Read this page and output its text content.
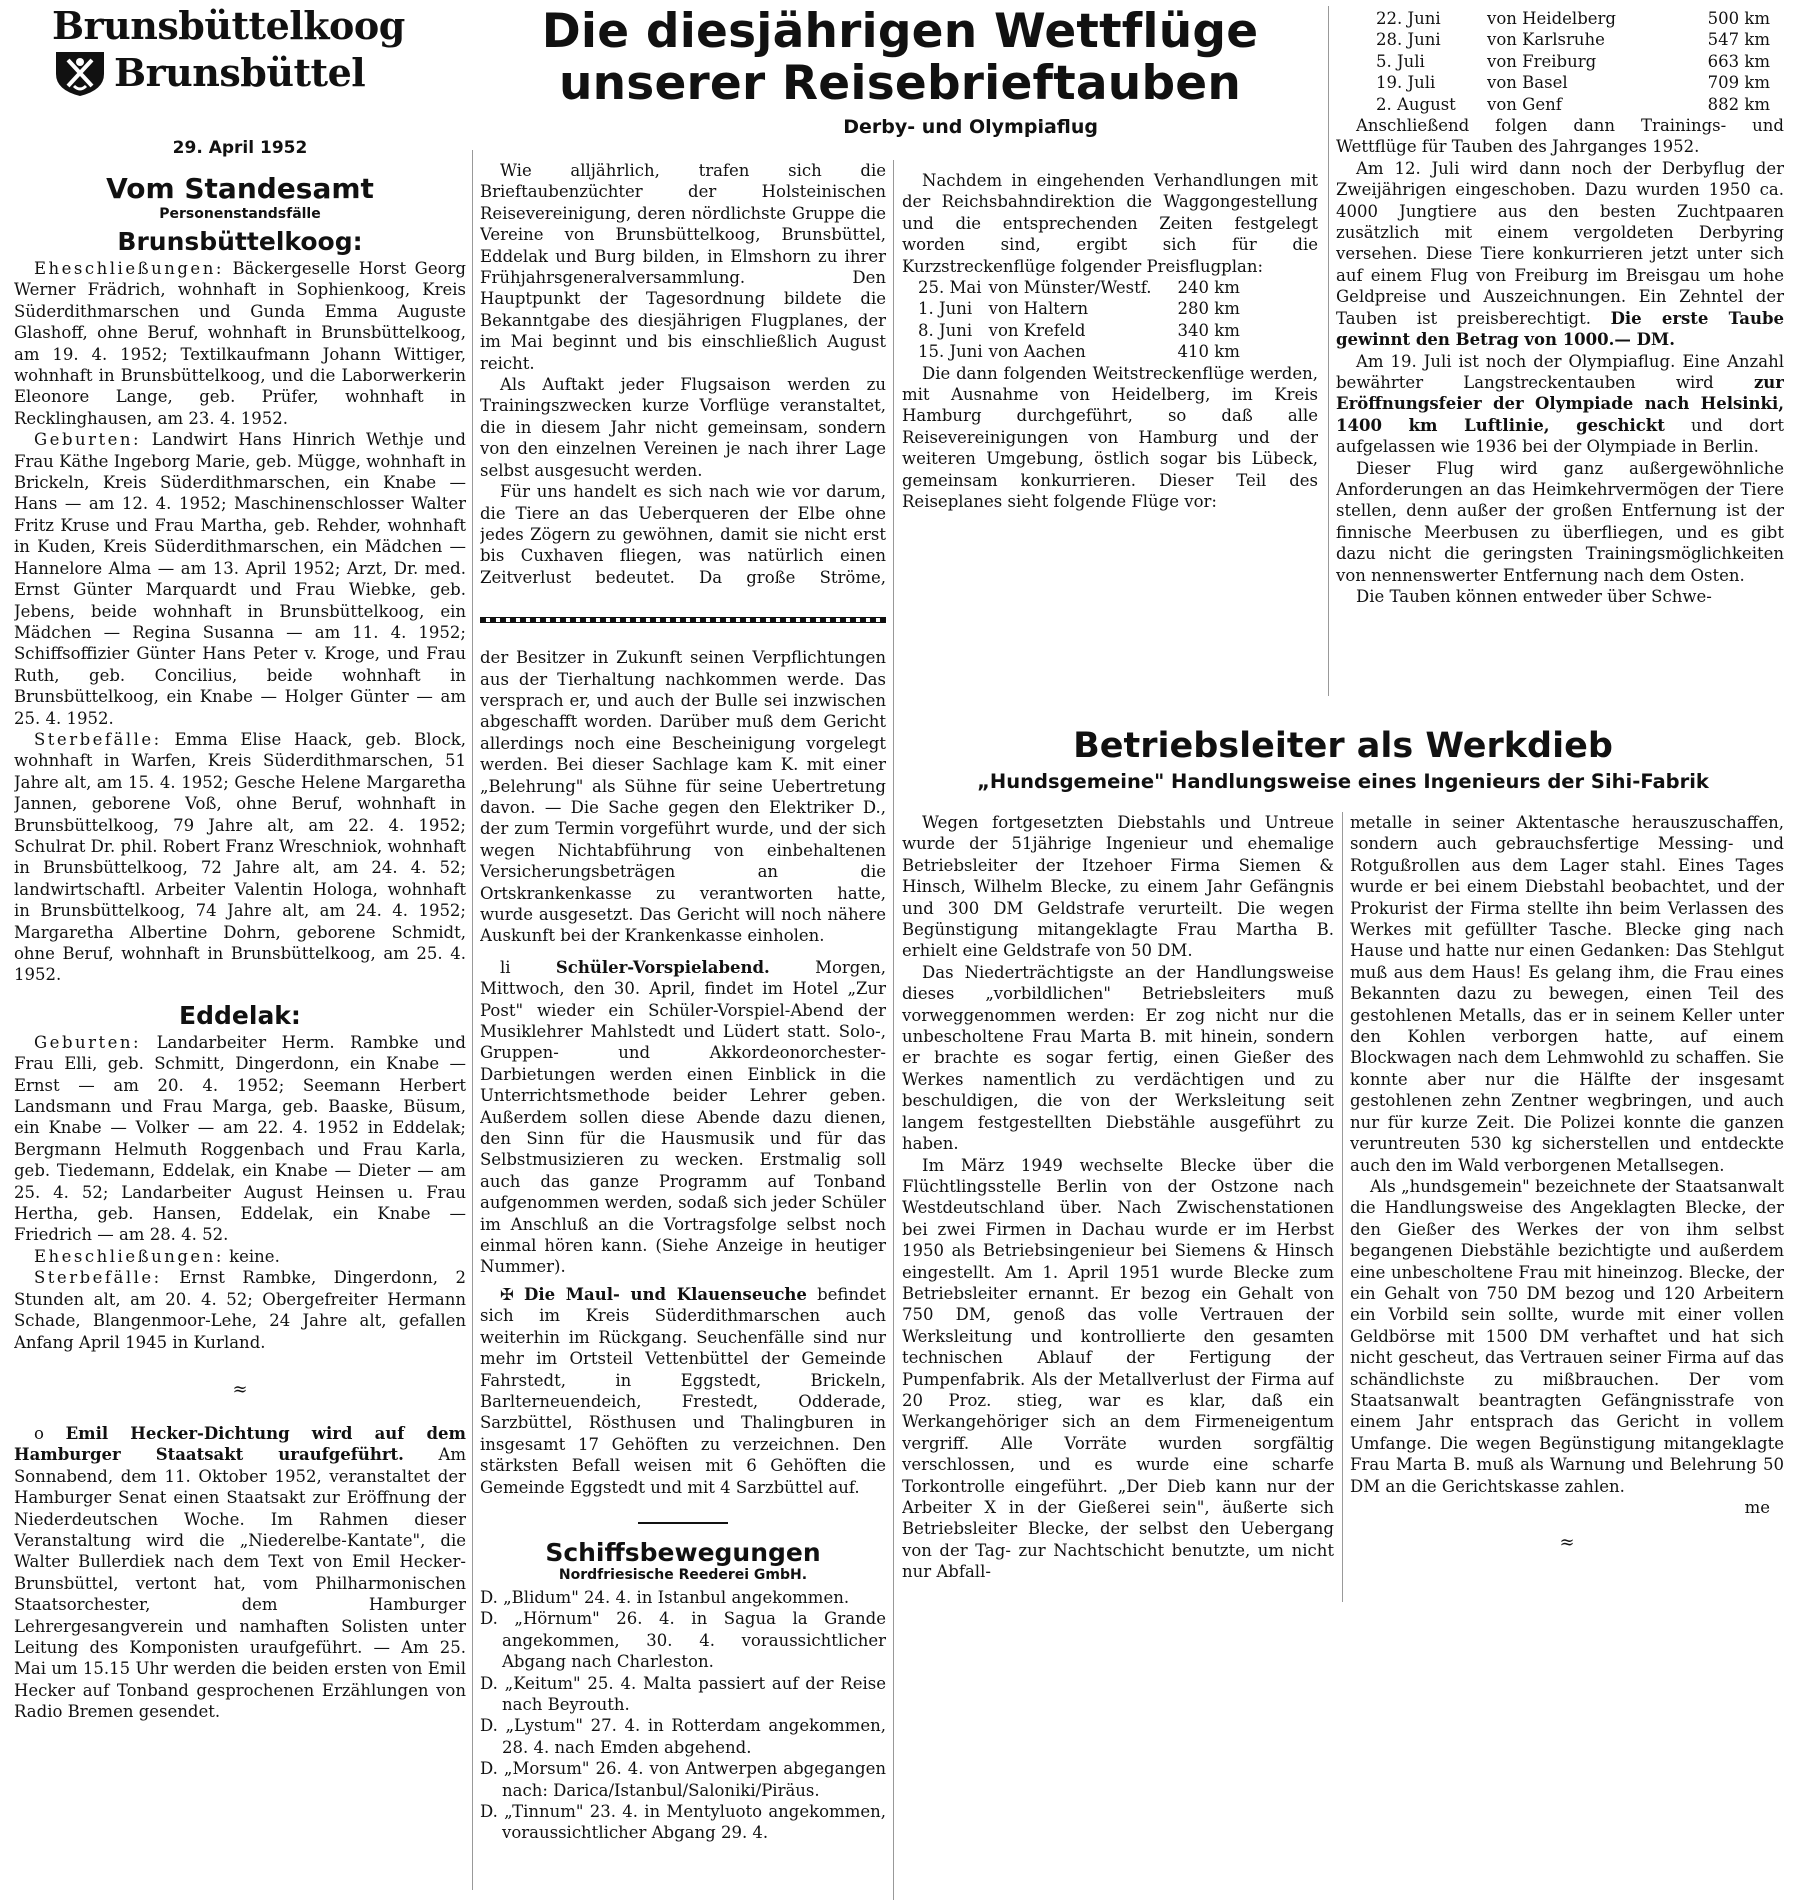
Brunsbüttelkoog
Brunsbüttel
29. April 1952
Vom Standesamt
Personenstandsfälle
Brunsbüttelkoog:

Eheschließungen: Bäckergeselle Horst Georg Werner Frädrich, wohnhaft in Sophienkoog, Kreis Süderdithmarschen und Gunda Emma Auguste Glashoff, ohne Beruf, wohnhaft in Brunsbüttelkoog, am 19. 4. 1952; Textilkaufmann Johann Wittiger, wohnhaft in Brunsbüttelkoog, und die Laborwerkerin Eleonore Lange, geb. Prüfer, wohnhaft in Recklinghausen, am 23. 4. 1952.

Geburten: Landwirt Hans Hinrich Wethje und Frau Käthe Ingeborg Marie, geb. Mügge, wohnhaft in Brickeln, Kreis Süderdithmarschen, ein Knabe — Hans — am 12. 4. 1952; Maschinenschlosser Walter Fritz Kruse und Frau Martha, geb. Rehder, wohnhaft in Kuden, Kreis Süderdithmarschen, ein Mädchen — Hannelore Alma — am 13. April 1952; Arzt, Dr. med. Ernst Günter Marquardt und Frau Wiebke, geb. Jebens, beide wohnhaft in Brunsbüttelkoog, ein Mädchen — Regina Susanna — am 11. 4. 1952; Schiffsoffizier Günter Hans Peter v. Kroge, und Frau Ruth, geb. Concilius, beide wohnhaft in Brunsbüttelkoog, ein Knabe — Holger Günter — am 25. 4. 1952.

Sterbefälle: Emma Elise Haack, geb. Block, wohnhaft in Warfen, Kreis Süderdithmarschen, 51 Jahre alt, am 15. 4. 1952; Gesche Helene Margaretha Jannen, geborene Voß, ohne Beruf, wohnhaft in Brunsbüttelkoog, 79 Jahre alt, am 22. 4. 1952; Schulrat Dr. phil. Robert Franz Wreschniok, wohnhaft in Brunsbüttelkoog, 72 Jahre alt, am 24. 4. 52; landwirtschaftl. Arbeiter Valentin Hologa, wohnhaft in Brunsbüttelkoog, 74 Jahre alt, am 24. 4. 1952; Margaretha Albertine Dohrn, geborene Schmidt, ohne Beruf, wohnhaft in Brunsbüttelkoog, am 25. 4. 1952.

Eddelak:

Geburten: Landarbeiter Herm. Rambke und Frau Elli, geb. Schmitt, Dingerdonn, ein Knabe — Ernst — am 20. 4. 1952; Seemann Herbert Landsmann und Frau Marga, geb. Baaske, Büsum, ein Knabe — Volker — am 22. 4. 1952 in Eddelak; Bergmann Helmuth Roggenbach und Frau Karla, geb. Tiedemann, Eddelak, ein Knabe — Dieter — am 25. 4. 52; Landarbeiter August Heinsen u. Frau Hertha, geb. Hansen, Eddelak, ein Knabe — Friedrich — am 28. 4. 52.

Eheschließungen: keine.

Sterbefälle: Ernst Rambke, Dingerdonn, 2 Stunden alt, am 20. 4. 52; Obergefreiter Hermann Schade, Blangenmoor-Lehe, 24 Jahre alt, gefallen Anfang April 1945 in Kurland.

≈

o Emil Hecker-Dichtung wird auf dem Hamburger Staatsakt uraufgeführt. Am Sonnabend, dem 11. Oktober 1952, veranstaltet der Hamburger Senat einen Staatsakt zur Eröffnung der Niederdeutschen Woche. Im Rahmen dieser Veranstaltung wird die „Niederelbe-Kantate", die Walter Bullerdiek nach dem Text von Emil Hecker-Brunsbüttel, vertont hat, vom Philharmonischen Staatsorchester, dem Hamburger Lehrergesangverein und namhaften Solisten unter Leitung des Komponisten uraufgeführt. — Am 25. Mai um 15.15 Uhr werden die beiden ersten von Emil Hecker auf Tonband gesprochenen Erzählungen von Radio Bremen gesendet.

Die diesjährigen Wettflüge
unserer Reisebrieftauben
Derby- und Olympiaflug

Wie alljährlich, trafen sich die Brieftaubenzüchter der Holsteinischen Reisevereinigung, deren nördlichste Gruppe die Vereine von Brunsbüttelkoog, Brunsbüttel, Eddelak und Burg bilden, in Elmshorn zu ihrer Frühjahrsgeneralversammlung. Den Hauptpunkt der Tagesordnung bildete die Bekanntgabe des diesjährigen Flugplanes, der im Mai beginnt und bis einschließlich August reicht.

Als Auftakt jeder Flugsaison werden zu Trainingszwecken kurze Vorflüge veranstaltet, die in diesem Jahr nicht gemeinsam, sondern von den einzelnen Vereinen je nach ihrer Lage selbst ausgesucht werden.

Für uns handelt es sich nach wie vor darum, die Tiere an das Ueberqueren der Elbe ohne jedes Zögern zu gewöhnen, damit sie nicht erst bis Cuxhaven fliegen, was natürlich einen Zeitverlust bedeutet. Da große Ströme,

der Besitzer in Zukunft seinen Verpflichtungen aus der Tierhaltung nachkommen werde. Das versprach er, und auch der Bulle sei inzwischen abgeschafft worden. Darüber muß dem Gericht allerdings noch eine Bescheinigung vorgelegt werden. Bei dieser Sachlage kam K. mit einer „Belehrung" als Sühne für seine Uebertretung davon. — Die Sache gegen den Elektriker D., der zum Termin vorgeführt wurde, und der sich wegen Nichtabführung von einbehaltenen Versicherungsbeträgen an die Ortskrankenkasse zu verantworten hatte, wurde ausgesetzt. Das Gericht will noch nähere Auskunft bei der Krankenkasse einholen.

li	Schüler-Vorspielabend. Morgen, Mittwoch, den 30. April, findet im Hotel „Zur Post" wieder ein Schüler-Vorspiel-Abend der Musiklehrer Mahlstedt und Lüdert statt. Solo-, Gruppen- und Akkordeonorchester-Darbietungen werden einen Einblick in die Unterrichtsmethode beider Lehrer geben. Außerdem sollen diese Abende dazu dienen, den Sinn für die Hausmusik und für das Selbstmusizieren zu wecken. Erstmalig soll auch das ganze Programm auf Tonband aufgenommen werden, sodaß sich jeder Schüler im Anschluß an die Vortragsfolge selbst noch einmal hören kann. (Siehe Anzeige in heutiger Nummer).

✠ Die Maul- und Klauenseuche befindet sich im Kreis Süderdithmarschen auch weiterhin im Rückgang. Seuchenfälle sind nur mehr im Ortsteil Vettenbüttel der Gemeinde Fahrstedt, in Eggstedt, Brickeln, Barlterneuendeich, Frestedt, Odderade, Sarzbüttel, Rösthusen und Thalingburen in insgesamt 17 Gehöften zu verzeichnen. Den stärksten Befall weisen mit 6 Gehöften die Gemeinde Eggstedt und mit 4 Sarzbüttel auf.

Schiffsbewegungen
Nordfriesische Reederei GmbH.

D. „Blidum" 24. 4. in Istanbul angekommen.

D. „Hörnum" 26. 4. in Sagua la Grande angekommen, 30. 4. voraussichtlicher Abgang nach Charleston.

D. „Keitum" 25. 4. Malta passiert auf der Reise nach Beyrouth.

D. „Lystum" 27. 4. in Rotterdam angekommen, 28. 4. nach Emden abgehend.

D. „Morsum" 26. 4. von Antwerpen abgegangen nach: Darica/Istanbul/Saloniki/Piräus.

D. „Tinnum" 23. 4. in Mentyluoto angekommen, voraussichtlicher Abgang 29. 4.

Nachdem in eingehenden Verhandlungen mit der Reichsbahndirektion die Waggongestellung und die entsprechenden Zeiten festgelegt worden sind, ergibt sich für die Kurzstreckenflüge folgender Preisflugplan:

25. Mai	von Münster/Westf.	240 km
1. Juni	von Haltern	280 km
8. Juni	von Krefeld	340 km
15. Juni	von Aachen	410 km

Die dann folgenden Weitstreckenflüge werden, mit Ausnahme von Heidelberg, im Kreis Hamburg durchgeführt, so daß alle Reisevereinigungen von Hamburg und der weiteren Umgebung, östlich sogar bis Lübeck, gemeinsam konkurrieren. Dieser Teil des Reiseplanes sieht folgende Flüge vor:

22. Juni	von Heidelberg	500 km
28. Juni	von Karlsruhe	547 km
5. Juli	von Freiburg	663 km
19. Juli	von Basel	709 km
2. August	von Genf	882 km

Anschließend folgen dann Trainings- und Wettflüge für Tauben des Jahrganges 1952.

Am 12. Juli wird dann noch der Derbyflug der Zweijährigen eingeschoben. Dazu wurden 1950 ca. 4000 Jungtiere aus den besten Zuchtpaaren zusätzlich mit einem vergoldeten Derbyring versehen. Diese Tiere konkurrieren jetzt unter sich auf einem Flug von Freiburg im Breisgau um hohe Geldpreise und Auszeichnungen. Ein Zehntel der Tauben ist preisberechtigt. Die erste Taube gewinnt den Betrag von 1000.— DM.

Am 19. Juli ist noch der Olympiaflug. Eine Anzahl bewährter Langstreckentauben wird zur Eröffnungsfeier der Olympiade nach Helsinki, 1400 km Luftlinie, geschickt und dort aufgelassen wie 1936 bei der Olympiade in Berlin.

Dieser Flug wird ganz außergewöhnliche Anforderungen an das Heimkehrvermögen der Tiere stellen, denn außer der großen Entfernung ist der finnische Meerbusen zu überfliegen, und es gibt dazu nicht die geringsten Trainingsmöglichkeiten von nennenswerter Entfernung nach dem Osten.

Die Tauben können entweder über Schwe-

Betriebsleiter als Werkdieb
„Hundsgemeine" Handlungsweise eines Ingenieurs der Sihi-Fabrik

Wegen fortgesetzten Diebstahls und Untreue wurde der 51jährige Ingenieur und ehemalige Betriebsleiter der Itzehoer Firma Siemen & Hinsch, Wilhelm Blecke, zu einem Jahr Gefängnis und 300 DM Geldstrafe verurteilt. Die wegen Begünstigung mitangeklagte Frau Martha B. erhielt eine Geldstrafe von 50 DM.

Das Niederträchtigste an der Handlungsweise dieses „vorbildlichen" Betriebsleiters muß vorweggenommen werden: Er zog nicht nur die unbescholtene Frau Marta B. mit hinein, sondern er brachte es sogar fertig, einen Gießer des Werkes namentlich zu verdächtigen und zu beschuldigen, die von der Werksleitung seit langem festgestellten Diebstähle ausgeführt zu haben.

Im März 1949 wechselte Blecke über die Flüchtlingsstelle Berlin von der Ostzone nach Westdeutschland über. Nach Zwischenstationen bei zwei Firmen in Dachau wurde er im Herbst 1950 als Betriebsingenieur bei Siemens & Hinsch eingestellt. Am 1. April 1951 wurde Blecke zum Betriebsleiter ernannt. Er bezog ein Gehalt von 750 DM, genoß das volle Vertrauen der Werksleitung und kontrollierte den gesamten technischen Ablauf der Fertigung der Pumpenfabrik. Als der Metallverlust der Firma auf 20 Proz. stieg, war es klar, daß ein Werkangehöriger sich an dem Firmeneigentum vergriff. Alle Vorräte wurden sorgfältig verschlossen, und es wurde eine scharfe Torkontrolle eingeführt. „Der Dieb kann nur der Arbeiter X in der Gießerei sein", äußerte sich Betriebsleiter Blecke, der selbst den Uebergang von der Tag- zur Nachtschicht benutzte, um nicht nur Abfall-

metalle in seiner Aktentasche herauszuschaffen, sondern auch gebrauchsfertige Messing- und Rotgußrollen aus dem Lager stahl. Eines Tages wurde er bei einem Diebstahl beobachtet, und der Prokurist der Firma stellte ihn beim Verlassen des Werkes mit gefüllter Tasche. Blecke ging nach Hause und hatte nur einen Gedanken: Das Stehlgut muß aus dem Haus! Es gelang ihm, die Frau eines Bekannten dazu zu bewegen, einen Teil des gestohlenen Metalls, das er in seinem Keller unter den Kohlen verborgen hatte, auf einem Blockwagen nach dem Lehmwohld zu schaffen. Sie konnte aber nur die Hälfte der insgesamt gestohlenen zehn Zentner wegbringen, und auch nur für kurze Zeit. Die Polizei konnte die ganzen veruntreuten 530 kg sicherstellen und entdeckte auch den im Wald verborgenen Metallsegen.

Als „hundsgemein" bezeichnete der Staatsanwalt die Handlungsweise des Angeklagten Blecke, der den Gießer des Werkes der von ihm selbst begangenen Diebstähle bezichtigte und außerdem eine unbescholtene Frau mit hineinzog. Blecke, der ein Gehalt von 750 DM bezog und 120 Arbeitern ein Vorbild sein sollte, wurde mit einer vollen Geldbörse mit 1500 DM verhaftet und hat sich nicht gescheut, das Vertrauen seiner Firma auf das schändlichste zu mißbrauchen. Der vom Staatsanwalt beantragten Gefängnisstrafe von einem Jahr entsprach das Gericht in vollem Umfange. Die wegen Begünstigung mitangeklagte Frau Marta B. muß als Warnung und Belehrung 50 DM an die Gerichtskasse zahlen.

me

≈
